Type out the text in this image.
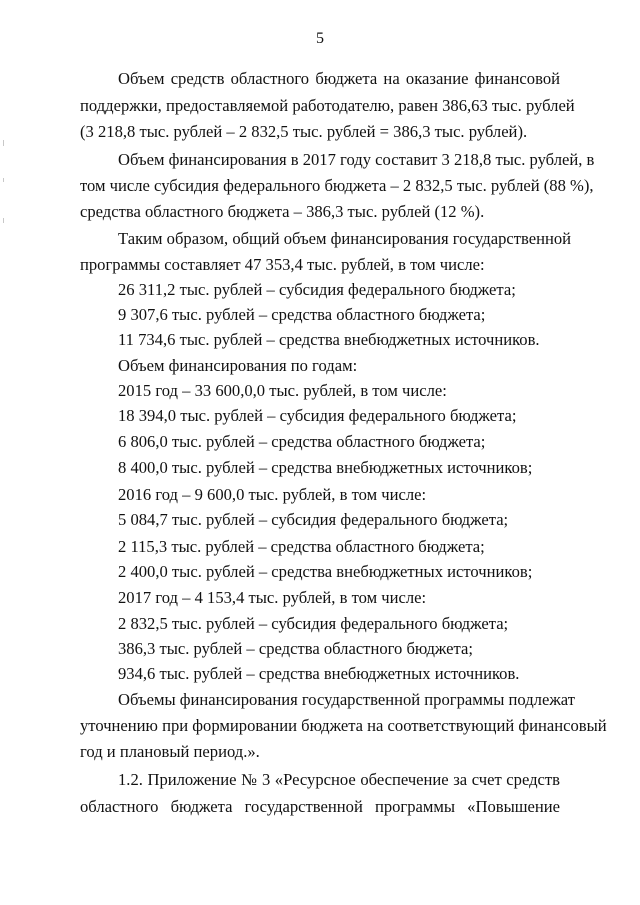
5
Объем средств областного бюджета на оказание финансовой
поддержки, предоставляемой работодателю, равен 386,63 тыс. рублей
(3 218,8 тыс. рублей – 2 832,5 тыс. рублей = 386,3 тыс. рублей).
Объем финансирования в 2017 году составит 3 218,8 тыс. рублей, в
том числе субсидия федерального бюджета – 2 832,5 тыс. рублей (88 %),
средства областного бюджета – 386,3 тыс. рублей (12 %).
Таким образом, общий объем финансирования государственной
программы составляет 47 353,4 тыс. рублей, в том числе:
26 311,2 тыс. рублей – субсидия федерального бюджета;
9 307,6 тыс. рублей – средства областного бюджета;
11 734,6 тыс. рублей – средства внебюджетных источников.
Объем финансирования по годам:
2015 год – 33 600,0,0 тыс. рублей, в том числе:
18 394,0 тыс. рублей – субсидия федерального бюджета;
6 806,0 тыс. рублей – средства областного бюджета;
8 400,0 тыс. рублей – средства внебюджетных источников;
2016 год – 9 600,0 тыс. рублей, в том числе:
5 084,7 тыс. рублей – субсидия федерального бюджета;
2 115,3 тыс. рублей – средства областного бюджета;
2 400,0 тыс. рублей – средства внебюджетных источников;
2017 год – 4 153,4 тыс. рублей, в том числе:
2 832,5 тыс. рублей – субсидия федерального бюджета;
386,3 тыс. рублей – средства областного бюджета;
934,6 тыс. рублей – средства внебюджетных источников.
Объемы финансирования государственной программы подлежат
уточнению при формировании бюджета на соответствующий финансовый
год и плановый период.».
1.2. Приложение № 3 «Ресурсное обеспечение за счет средств
областного бюджета государственной программы «Повышение
